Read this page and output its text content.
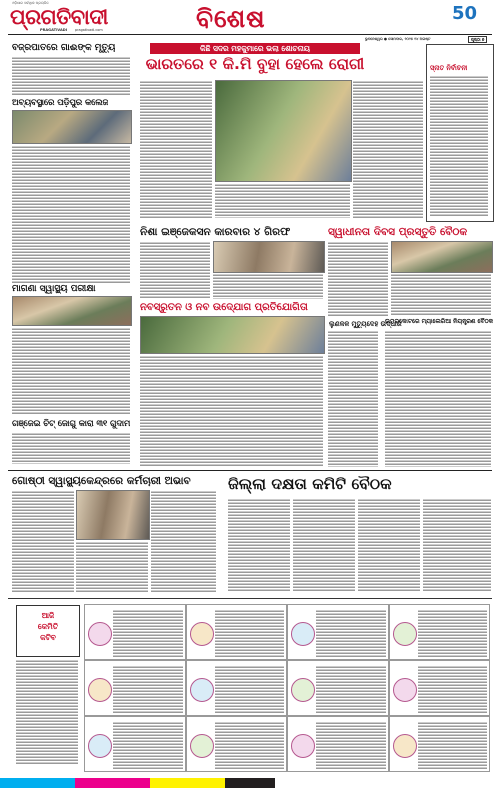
ଓଡ଼ିଶାର ସର୍ବାଧିକ ପ୍ରଚାରିତ
ପ୍ରଗତିବାଦୀ
PRAGATIVADI pragativadi.com	ବିଶେଷ	50
ଭୁବନେଶ୍ୱର ● ସୋମବାର, ୨୦୨୫ ୧୪ ଅଗଷ୍ଟ	ପୃଷ୍ଠା ୭
ବଜ୍ରପାତରେ ଗାଈଙ୍କ ମୃତ୍ୟୁ
ଅବ୍ୟବସ୍ଥାରେ ପଡ଼ିପୁର କଲେଜ
ମାଗଣା ସ୍ୱାସ୍ଥ୍ୟ ପରୀକ୍ଷା
ଗଞ୍ଜେଇ ଚିଟ୍ ଜୋଗୁ କାରା ୩୧ ଗୁଦାମ
କିଛି ସଦର ମହକୁମାରେ ଭଲା ଶୋଚନାୟ
ଭାରତରେ ୧ କି.ମି ବୁହା ହେଲେ ରୋଗୀ	ସ୍ନାତ ନିର୍ବାଚନୀ
ନିଶା ଇଞ୍ଜେକସନ କାରବାର ୪ ଗିରଫ	ସ୍ୱାଧୀନତା ଦିବସ ପ୍ରସ୍ତୁତି ବୈଠକ
ନବସ୍ରୁତନ ଓ ନବ ଉଦ୍ଯୋଗ ପ୍ରତିଯୋଗିତା
ଲୁଣଳଳ ମୁତ୍ୟୁଦେହ ଉଦ୍ଧାର
ଉମରକୋଟରେ ମ୍ୟାଲେରିଆ ନିୟନ୍ତ୍ରଣ ବୈଠକ
ଗୋଷ୍ଠୀ ସ୍ୱାସ୍ଥ୍ୟକେନ୍ଦ୍ରରେ କର୍ମଚାରୀ ଅଭାବ ଜିଲ୍ଲା ଦକ୍ଷତା କମିଟି ବୈଠକ
ଆଜି
କେମିତି
କଟିବ
